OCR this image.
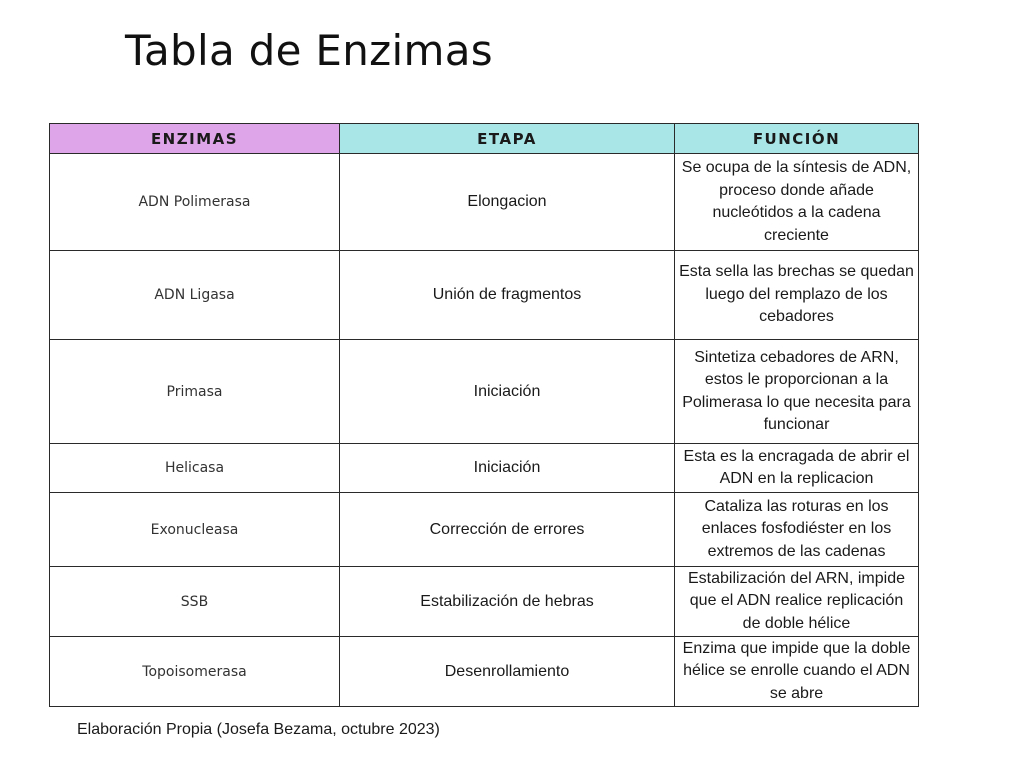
Tabla de Enzimas
ENZIMAS	ETAPA	FUNCIÓN
ADN Polimerasa	Elongacion	Se ocupa de la síntesis de ADN, proceso donde añade nucleótidos a la cadena creciente
ADN Ligasa	Unión de fragmentos	Esta sella las brechas se quedan luego del remplazo de los cebadores
Primasa	Iniciación	Sintetiza cebadores de ARN, estos le proporcionan a la Polimerasa lo que necesita para funcionar
Helicasa	Iniciación	Esta es la encragada de abrir el ADN en la replicacion
Exonucleasa	Corrección de errores	Cataliza las roturas en los enlaces fosfodiéster en los extremos de las cadenas
SSB	Estabilización de hebras	Estabilización del ARN, impide que el ADN realice replicación de doble hélice
Topoisomerasa	Desenrollamiento	Enzima que impide que la doble hélice se enrolle cuando el ADN se abre

Elaboración Propia (Josefa Bezama, octubre 2023)
